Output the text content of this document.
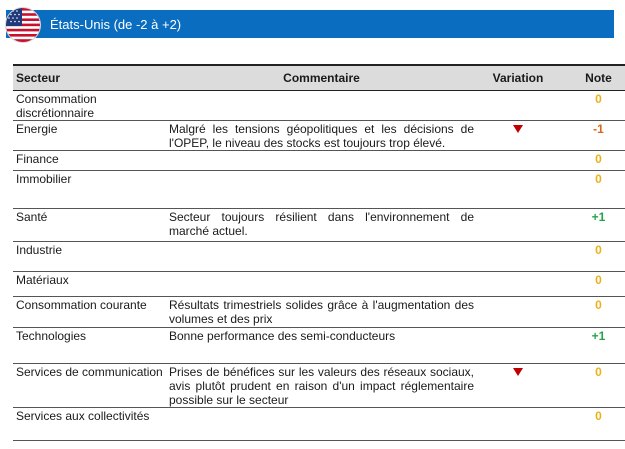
États-Unis (de -2 à +2)
Secteur	Commentaire	Variation	Note
Consommation discrétionnaire			0
Energie	Malgré les tensions géopolitiques et les décisions de l'OPEP, le niveau des stocks est toujours trop élevé.		-1
Finance			0
Immobilier			0
Santé	Secteur toujours résilient dans l'environnement de marché actuel.		+1
Industrie			0
Matériaux			0
Consommation courante	Résultats trimestriels solides grâce à l'augmentation des volumes et des prix		0
Technologies	Bonne performance des semi-conducteurs		+1
Services de communication	Prises de bénéfices sur les valeurs des réseaux sociaux, avis plutôt prudent en raison d'un impact réglementaire possible sur le secteur		0
Services aux collectivités			0
